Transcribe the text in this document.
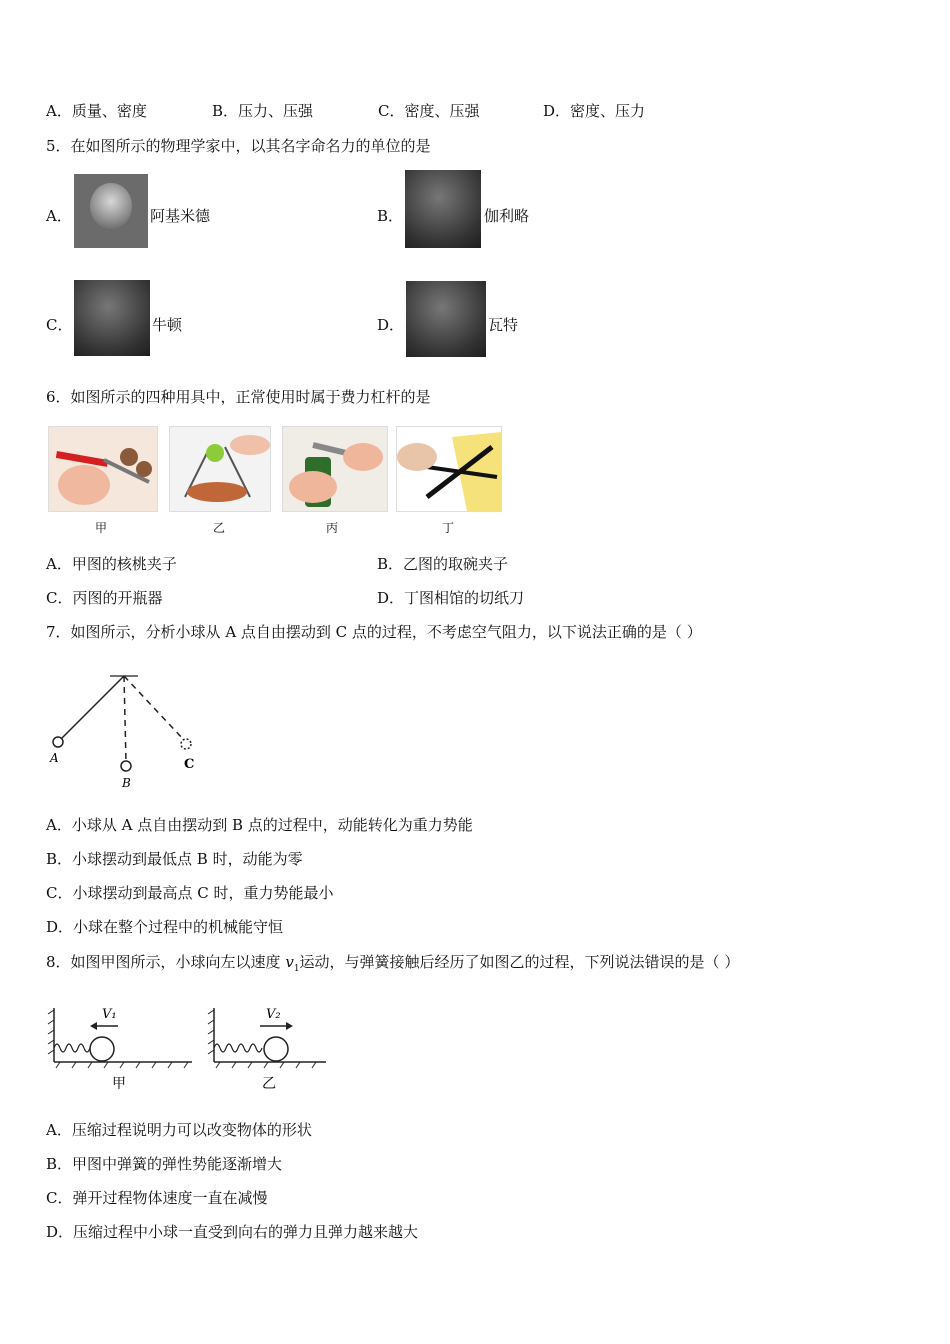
A．质量、密度	B．压力、压强	C．密度、压强	D．密度、压力
5．在如图所示的物理学家中，以其名字命名力的单位的是
A．	阿基米德	B．	伽利略
C．	牛顿	D．	瓦特
6．如图所示的四种用具中，正常使用时属于费力杠杆的是
甲	乙	丙	丁
A．甲图的核桃夹子	B．乙图的取碗夹子
C．丙图的开瓶器	D．丁图相馆的切纸刀
7．如图所示，分析小球从 A 点自由摆动到 C 点的过程，不考虑空气阻力，以下说法正确的是（ ）
A
B
C
A．小球从 A 点自由摆动到 B 点的过程中，动能转化为重力势能
B．小球摆动到最低点 B 时，动能为零
C．小球摆动到最高点 C 时，重力势能最小
D．小球在整个过程中的机械能守恒
8．如图甲图所示，小球向左以速度 $v_1$运动，与弹簧接触后经历了如图乙的过程，下列说法错误的是（ ）
V₁
甲
V₂
乙
A．压缩过程说明力可以改变物体的形状
B．甲图中弹簧的弹性势能逐渐增大
C．弹开过程物体速度一直在减慢
D．压缩过程中小球一直受到向右的弹力且弹力越来越大
